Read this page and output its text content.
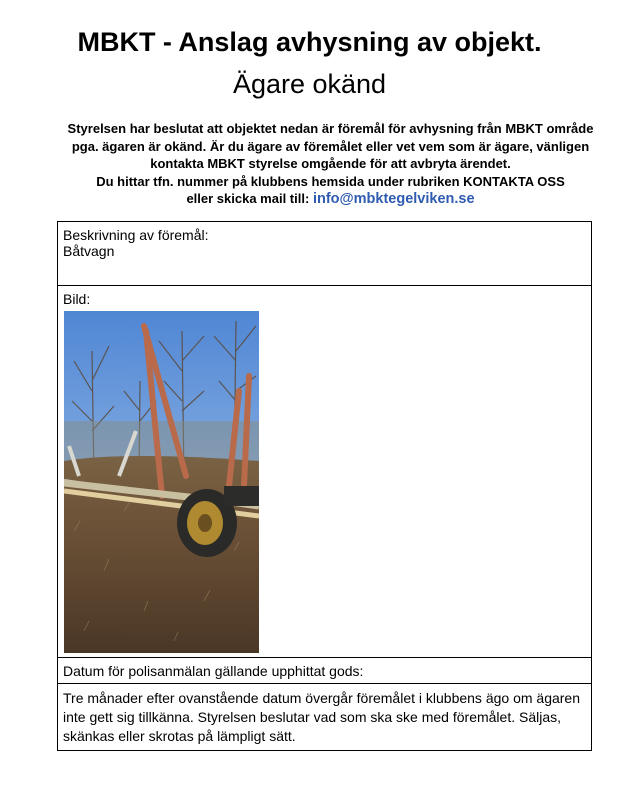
MBKT - Anslag avhysning av objekt.
Ägare okänd
Styrelsen har beslutat att objektet nedan är föremål för avhysning från MBKT område
pga. ägaren är okänd. Är du ägare av föremålet eller vet vem som är ägare, vänligen
kontakta MBKT styrelse omgående för att avbryta ärendet.
Du hittar tfn. nummer på klubbens hemsida under rubriken KONTAKTA OSS
eller skicka mail till: info@mbktegelviken.se
Beskrivning av föremål:
Båtvagn

Bild:

Datum för polisanmälan gällande upphittat gods:

Tre månader efter ovanstående datum övergår föremålet i klubbens ägo om ägaren inte gett sig tillkänna. Styrelsen beslutar vad som ska ske med föremålet. Säljas, skänkas eller skrotas på lämpligt sätt.
